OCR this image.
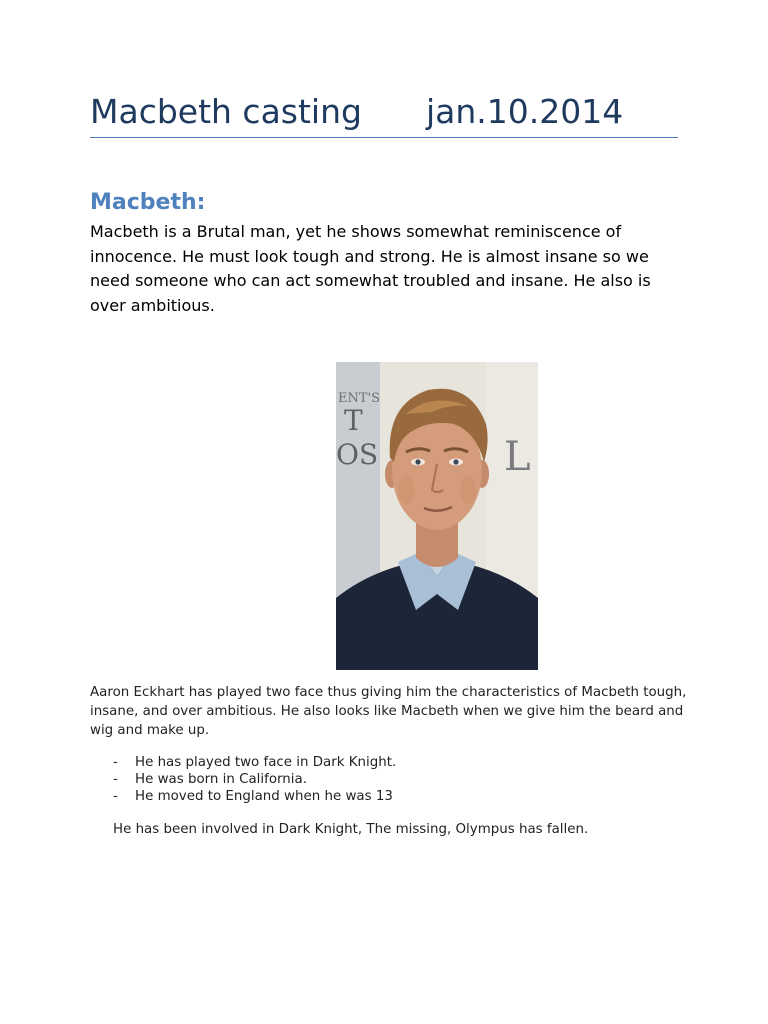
Macbeth casting jan.10.2014
Macbeth:
Macbeth is a Brutal man, yet he shows somewhat reminiscence of innocence. He must look tough and strong. He is almost insane so we need someone who can act somewhat troubled and insane. He also is over ambitious.
ENT'S
T
OS	L
Aaron Eckhart has played two face thus giving him the characteristics of Macbeth tough, insane, and over ambitious. He also looks like Macbeth when we give him the beard and wig and make up.
- He has played two face in Dark Knight.
- He was born in California.
- He moved to England when he was 13
He has been involved in Dark Knight, The missing, Olympus has fallen.
